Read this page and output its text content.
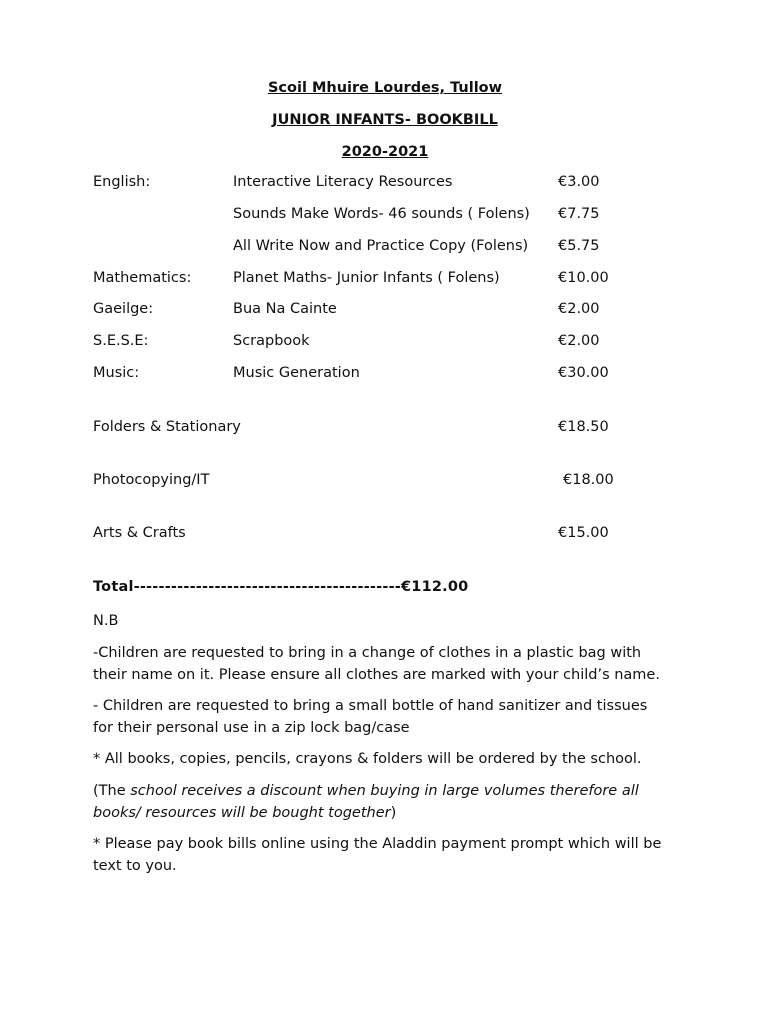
Scoil Mhuire Lourdes, Tullow
JUNIOR INFANTS- BOOKBILL
2020-2021
English:	Interactive Literacy Resources	€3.00
Sounds Make Words- 46 sounds ( Folens) €7.75
All Write Now and Practice Copy (Folens) €5.75
Mathematics:	Planet Maths- Junior Infants ( Folens)	€10.00
Gaeilge:	Bua Na Cainte	€2.00
S.E.S.E:	Scrapbook	€2.00
Music:	Music Generation	€30.00
Folders & Stationary	€18.50
Photocopying/IT	€18.00
Arts & Crafts	€15.00
Total-------------------------------------------€112.00
N.B
-Children are requested to bring in a change of clothes in a plastic bag with their name on it. Please ensure all clothes are marked with your child’s name.
- Children are requested to bring a small bottle of hand sanitizer and tissues for their personal use in a zip lock bag/case
* All books, copies, pencils, crayons & folders will be ordered by the school.
(The school receives a discount when buying in large volumes therefore all books/ resources will be bought together)
* Please pay book bills online using the Aladdin payment prompt which will be text to you.
